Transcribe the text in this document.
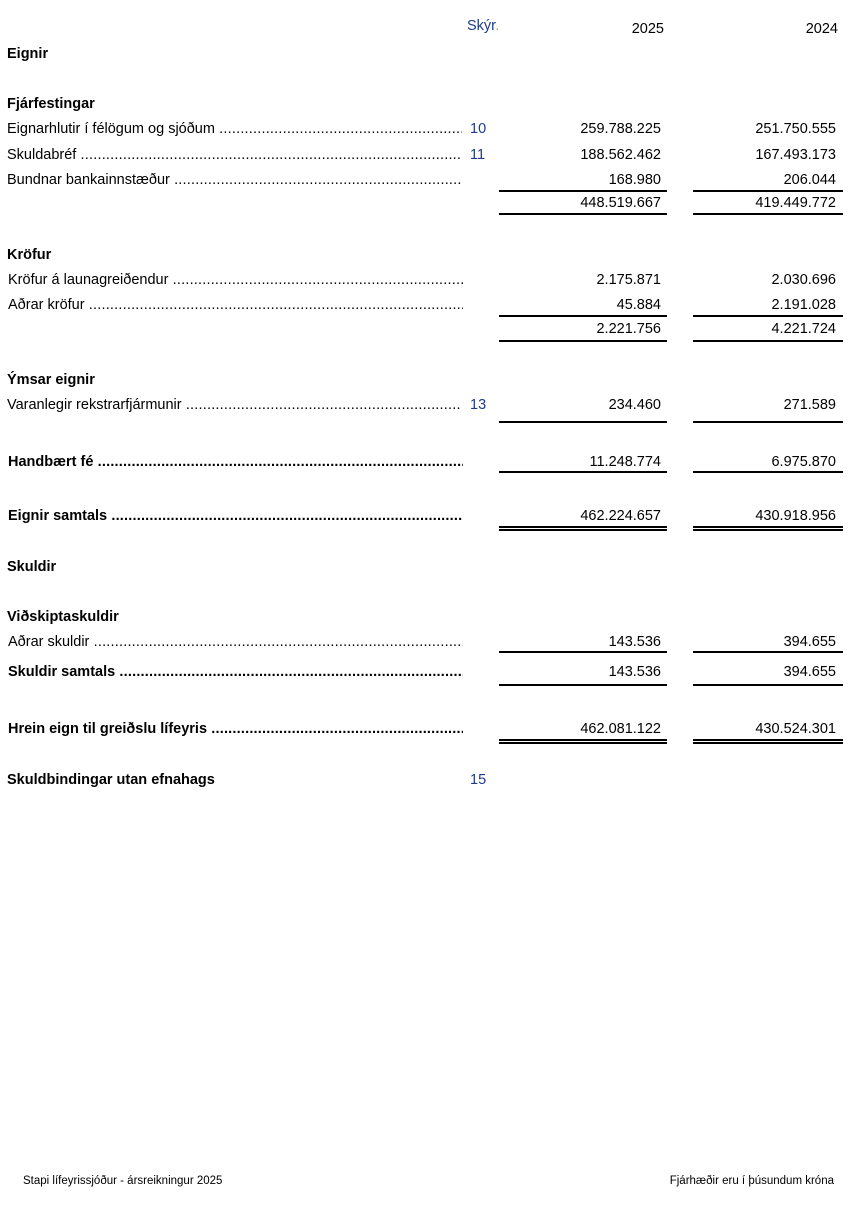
Skýr.	2025	2024
Eignir
Fjárfestingar
Eignarhlutir í félögum og sjóðum .....	10	259.788.225	251.750.555
Skuldabréf .....	11	188.562.462	167.493.173
Bundnar bankainnstæður .....	168.980	206.044
448.519.667	419.449.772
Kröfur
Kröfur á launagreiðendur .....	2.175.871	2.030.696
Aðrar kröfur .....	45.884	2.191.028
2.221.756	4.221.724
Ýmsar eignir
Varanlegir rekstrarfjármunir .....	13	234.460	271.589
Handbært fé .....	11.248.774	6.975.870
Eignir samtals .....	462.224.657	430.918.956
Skuldir
Viðskiptaskuldir
Aðrar skuldir .....	143.536	394.655
Skuldir samtals .....	143.536	394.655
Hrein eign til greiðslu lífeyris .....	462.081.122	430.524.301
Skuldbindingar utan efnahags	15
Stapi lífeyrissjóður - ársreikningur 2025	Fjárhæðir eru í þúsundum króna
